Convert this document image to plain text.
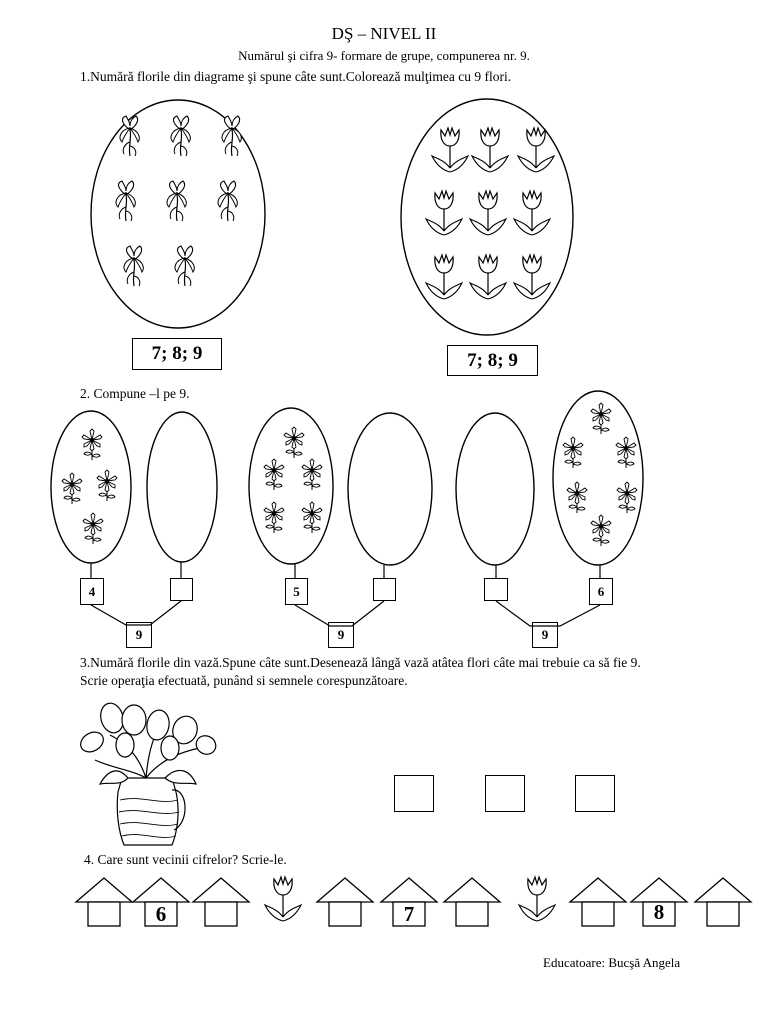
DŞ – NIVEL II
Numărul şi cifra 9- formare de grupe, compunerea nr. 9.
1.Numără florile din diagrame şi spune câte sunt.Colorează mulţimea cu 9 flori.
7; 8; 9	7; 8; 9
2. Compune –l pe 9.
4
9
5
9
6
9
3.Numără florile din vază.Spune câte sunt.Desenează lângă vază atâtea flori câte mai trebuie ca să fie 9.
Scrie operaţia efectuată, punând si semnele corespunzătoare.
4. Care sunt vecinii cifrelor? Scrie-le.
6	7	8
Educatoare: Bucşă Angela
